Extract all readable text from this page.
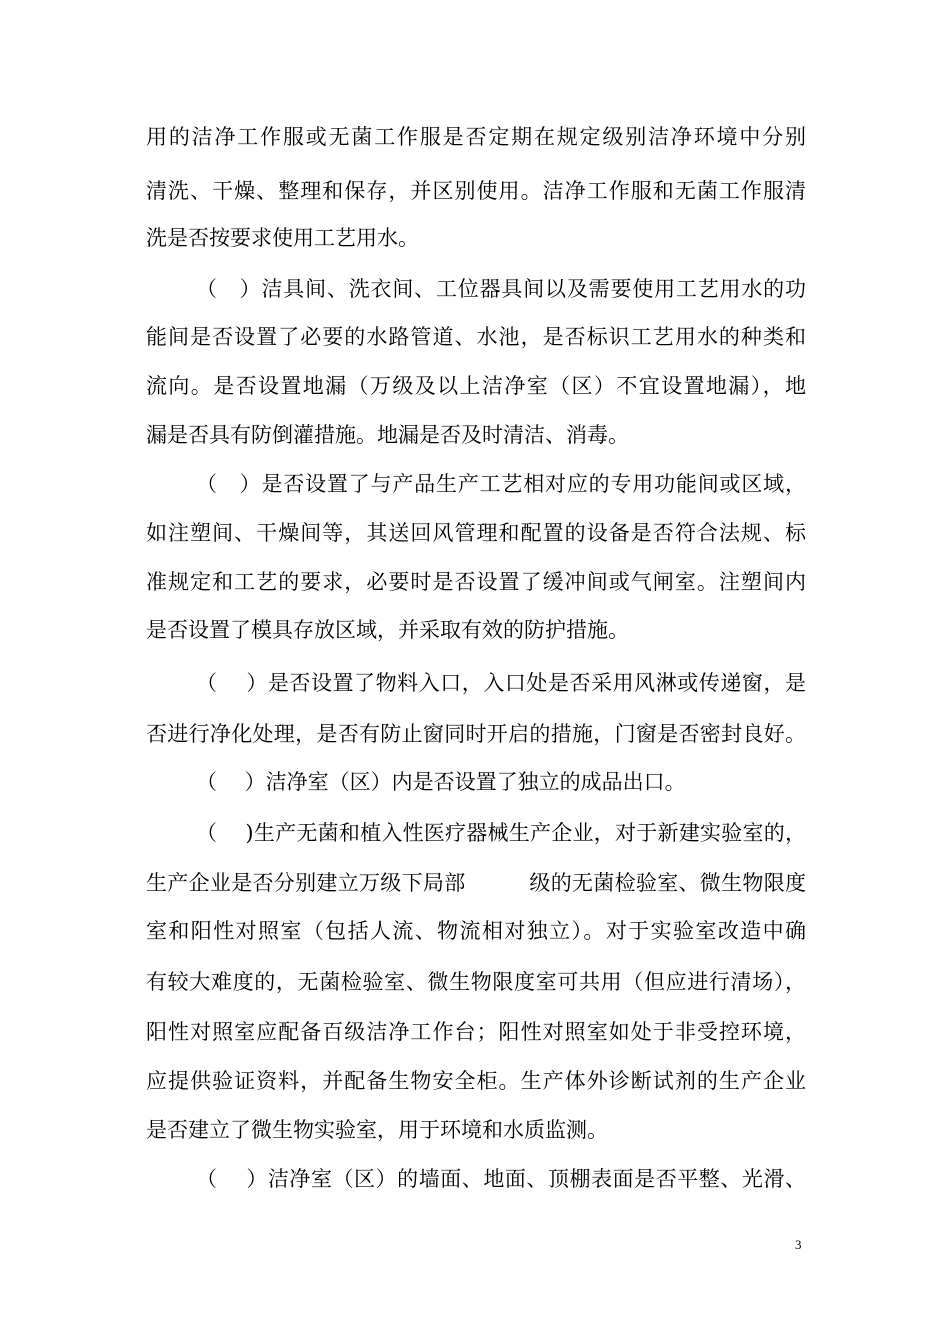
用的洁净工作服或无菌工作服是否定期在规定级别洁净环境中分别
清洗、干燥、整理和保存，并区别使用。洁净工作服和无菌工作服清
洗是否按要求使用工艺用水。
（　）洁具间、洗衣间、工位器具间以及需要使用工艺用水的功
能间是否设置了必要的水路管道、水池，是否标识工艺用水的种类和
流向。是否设置地漏（万级及以上洁净室（区）不宜设置地漏），地
漏是否具有防倒灌措施。地漏是否及时清洁、消毒。
（　）是否设置了与产品生产工艺相对应的专用功能间或区域，
如注塑间、干燥间等，其送回风管理和配置的设备是否符合法规、标
准规定和工艺的要求，必要时是否设置了缓冲间或气闸室。注塑间内
是否设置了模具存放区域，并采取有效的防护措施。
（　 ）是否设置了物料入口，入口处是否采用风淋或传递窗，是
否进行净化处理，是否有防止窗同时开启的措施，门窗是否密封良好。
（　 ）洁净室（区）内是否设置了独立的成品出口。
（　 )生产无菌和植入性医疗器械生产企业，对于新建实验室的，
生产企业是否分别建立万级下局部　　　级的无菌检验室、微生物限度
室和阳性对照室（包括人流、物流相对独立）。对于实验室改造中确
有较大难度的，无菌检验室、微生物限度室可共用（但应进行清场），
阳性对照室应配备百级洁净工作台；阳性对照室如处于非受控环境，
应提供验证资料，并配备生物安全柜。生产体外诊断试剂的生产企业
是否建立了微生物实验室，用于环境和水质监测。
（　 ）洁净室（区）的墙面、地面、顶棚表面是否平整、光滑、
3
